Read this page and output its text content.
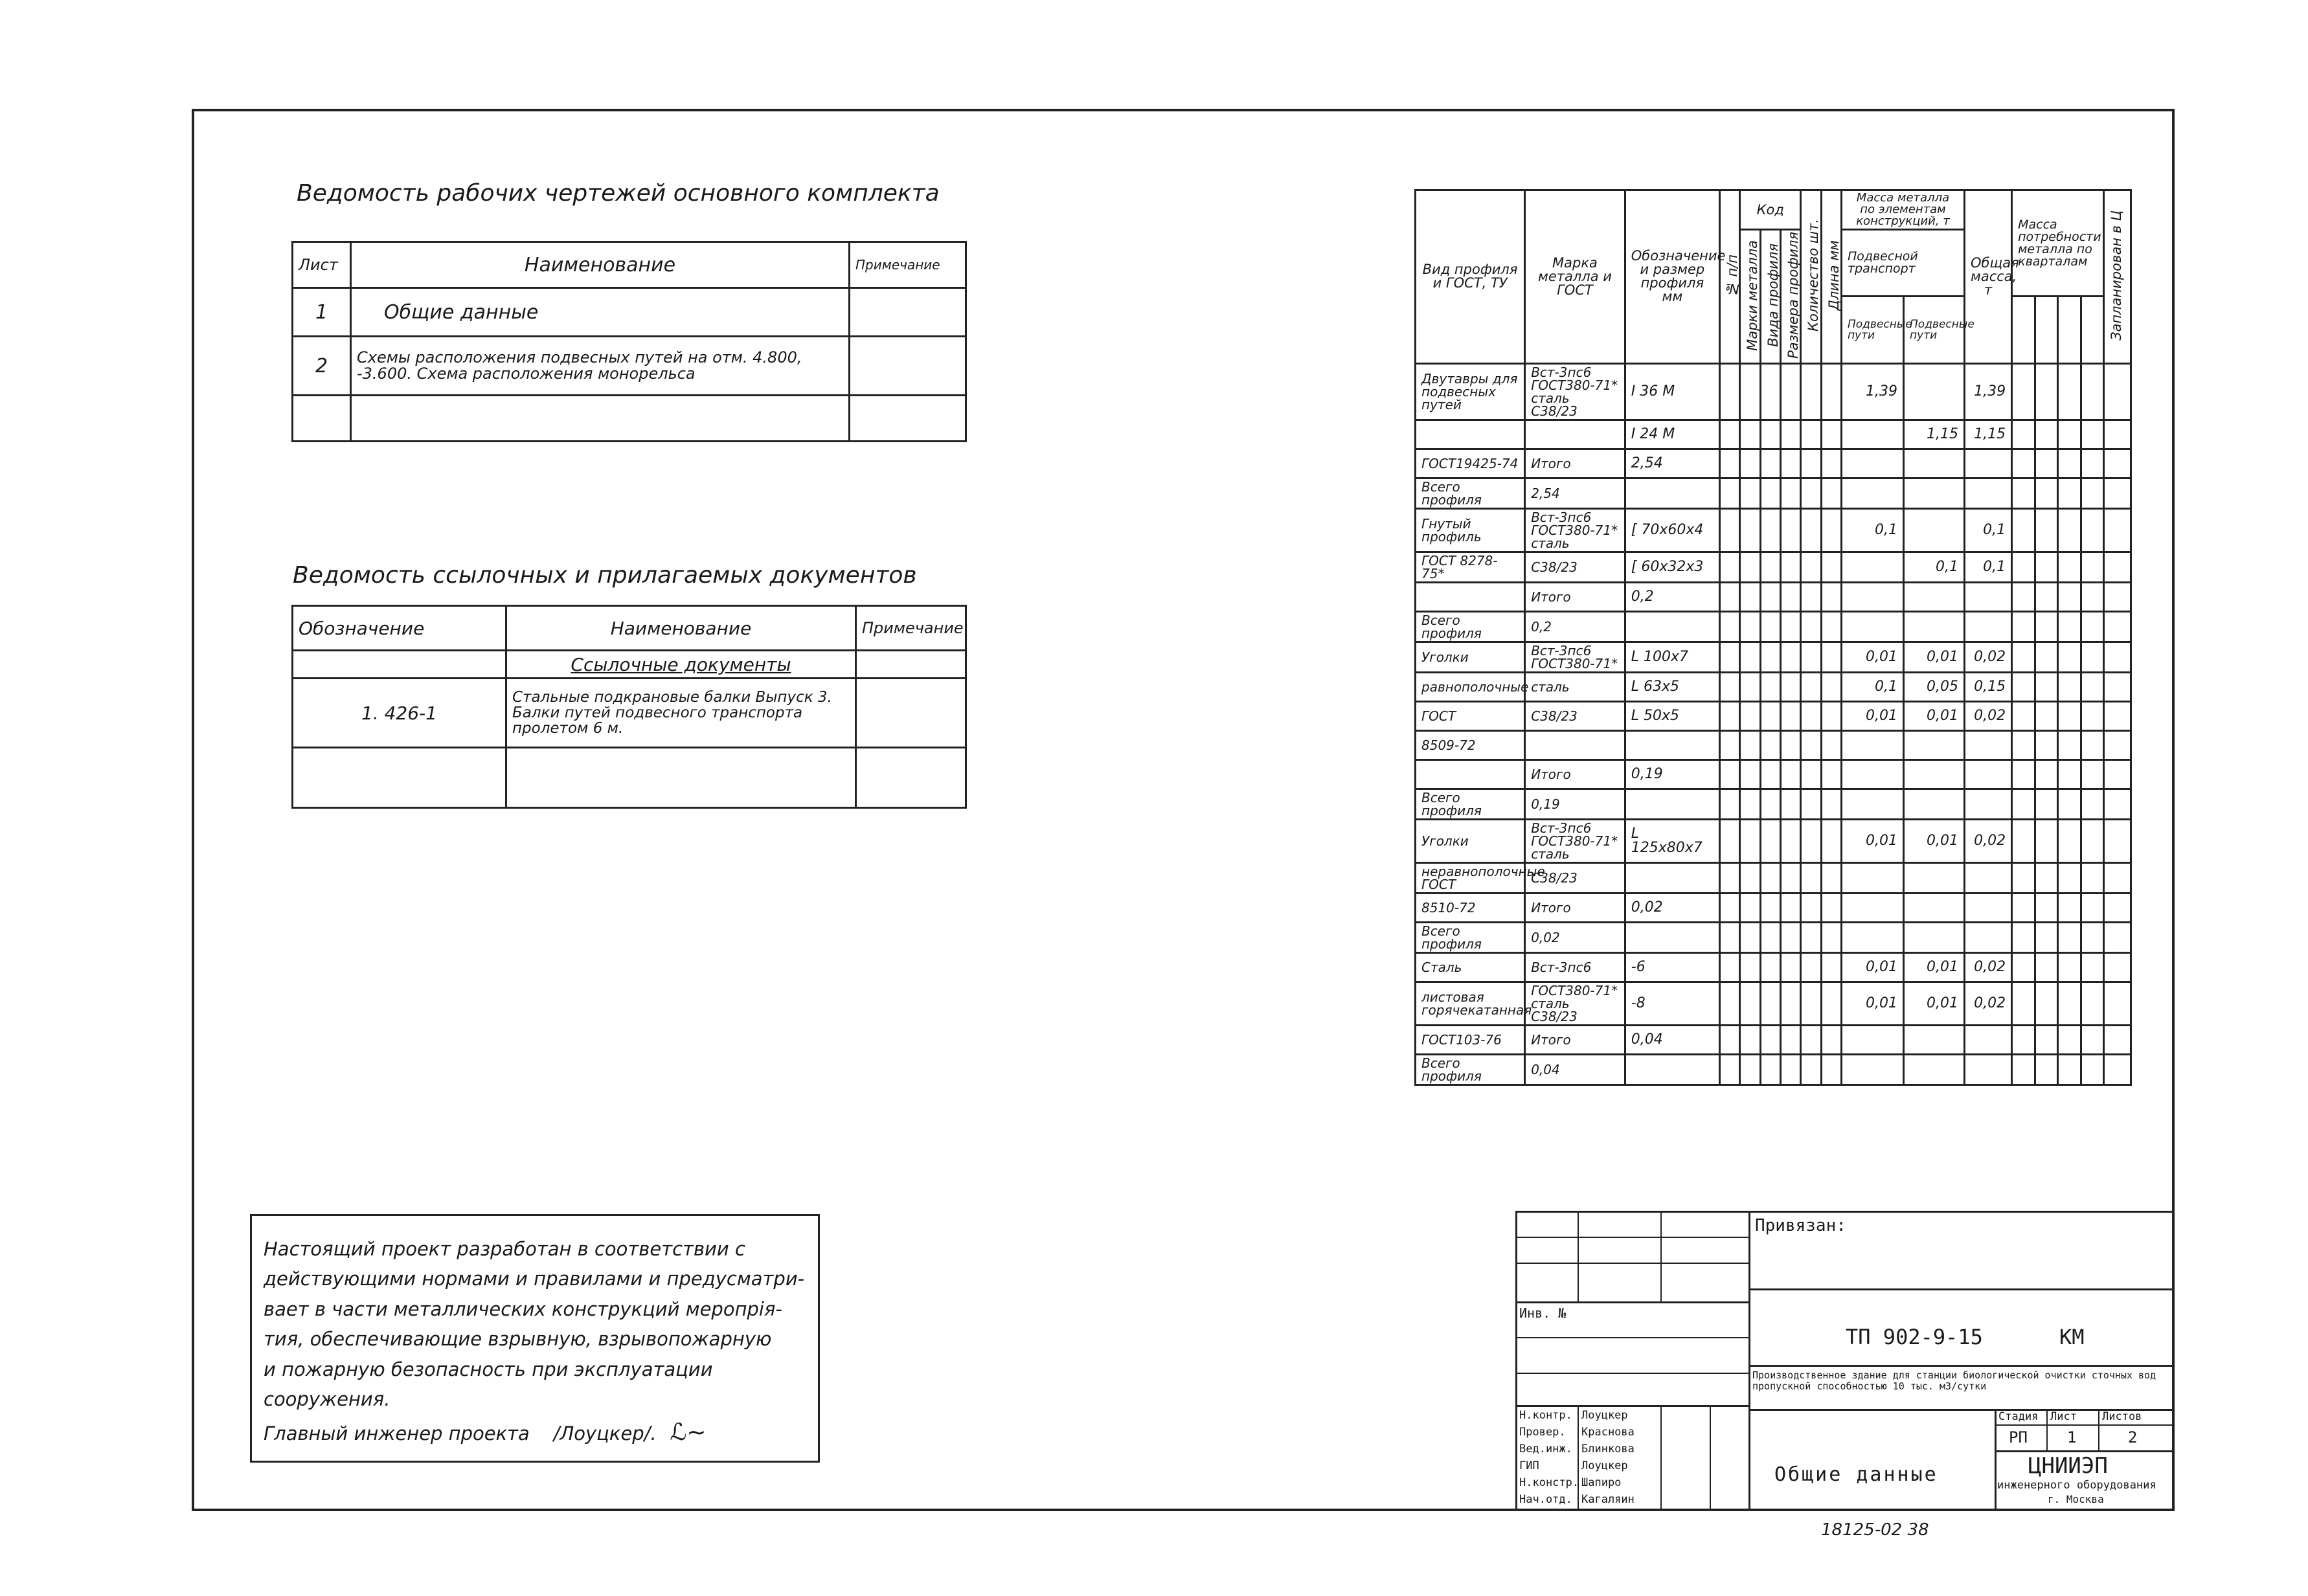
Ведомость рабочих чертежей основного комплекта
Лист	Наименование	Примечание
1	Общие данные	
2	Схемы расположения подвесных путей на отм. 4.800, -3.600. Схема расположения монорельса	

Ведомость ссылочных и прилагаемых документов
Обозначение	Наименование	Примечание
	Ссылочные документы	
1. 426-1	Стальные подкрановые балки Выпуск 3. Балки путей подвесного транспорта пролетом 6 м.	

Вид профиля и ГОСТ, ТУ	Марка металла и ГОСТ	Обозначение и размер профиля мм	№ п/п	Код			Количество шт.	Длина мм	Масса металла по элементам конструкций, т		Общая масса, т	Масса потребности металла по кварталам				Запланирован в Ц
				Марки металла	Вида профиля	Размера профиля			Подвесной транспорт							
									Подвесные пути	Подвесные пути						
Двутавры для подвесных путей	Вст-3пс6 ГОСТ380-71* сталь С38/23	I 36 М							1,39		1,39					
		I 24 М								1,15	1,15					
ГОСТ19425-74	Итого	2,54														
Всего профиля	2,54															
Гнутый профиль	Вст-3пс6 ГОСТ380-71* сталь	[ 70х60х4							0,1		0,1					
ГОСТ 8278-75*	С38/23	[ 60х32х3								0,1	0,1					
	Итого	0,2														
Всего профиля	0,2															
Уголки	Вст-3пс6 ГОСТ380-71*	L 100х7							0,01	0,01	0,02					
равнополочные	сталь	L 63х5							0,1	0,05	0,15					
ГОСТ	С38/23	L 50х5							0,01	0,01	0,02					
8509-72																
	Итого	0,19														
Всего профиля	0,19															
Уголки	Вст-3пс6 ГОСТ380-71* сталь	L 125х80х7							0,01	0,01	0,02					
неравнополочные ГОСТ	С38/23															
8510-72	Итого	0,02														
Всего профиля	0,02															
Сталь	Вст-3пс6	-6							0,01	0,01	0,02					
листовая горячекатанная	ГОСТ380-71* сталь С38/23	-8							0,01	0,01	0,02					
ГОСТ103-76	Итого	0,04														
Всего профиля	0,04															

Настоящий проект разработан в соответствии с

действующими нормами и правилами и предусматри-

вает в части металлических конструкций меропрiя-

тия, обеспечивающие взрывную, взрывопожарную

и пожарную безопасность при эксплуатации

сооружения.

Главный инженер проекта /Лоуцкер/.  ℒ~

Привязан:
Инв. №
ТП 902-9-15	КМ
Производственное здание для станции биологической очистки сточных вод пропускной способностью 10 тыс. м3/сутки
Стадия Лист Листов
РП	1	2
Общие данные	ЦНИИЭП
инженерного оборудования
г. Москва
Н.контр. Лоуцкер
Провер. Краснова
Вед.инж. Блинкова
ГИП	Лоуцкер
Н.констр. Шапиро
Нач.отд. Кагаляин
18125-02 38
